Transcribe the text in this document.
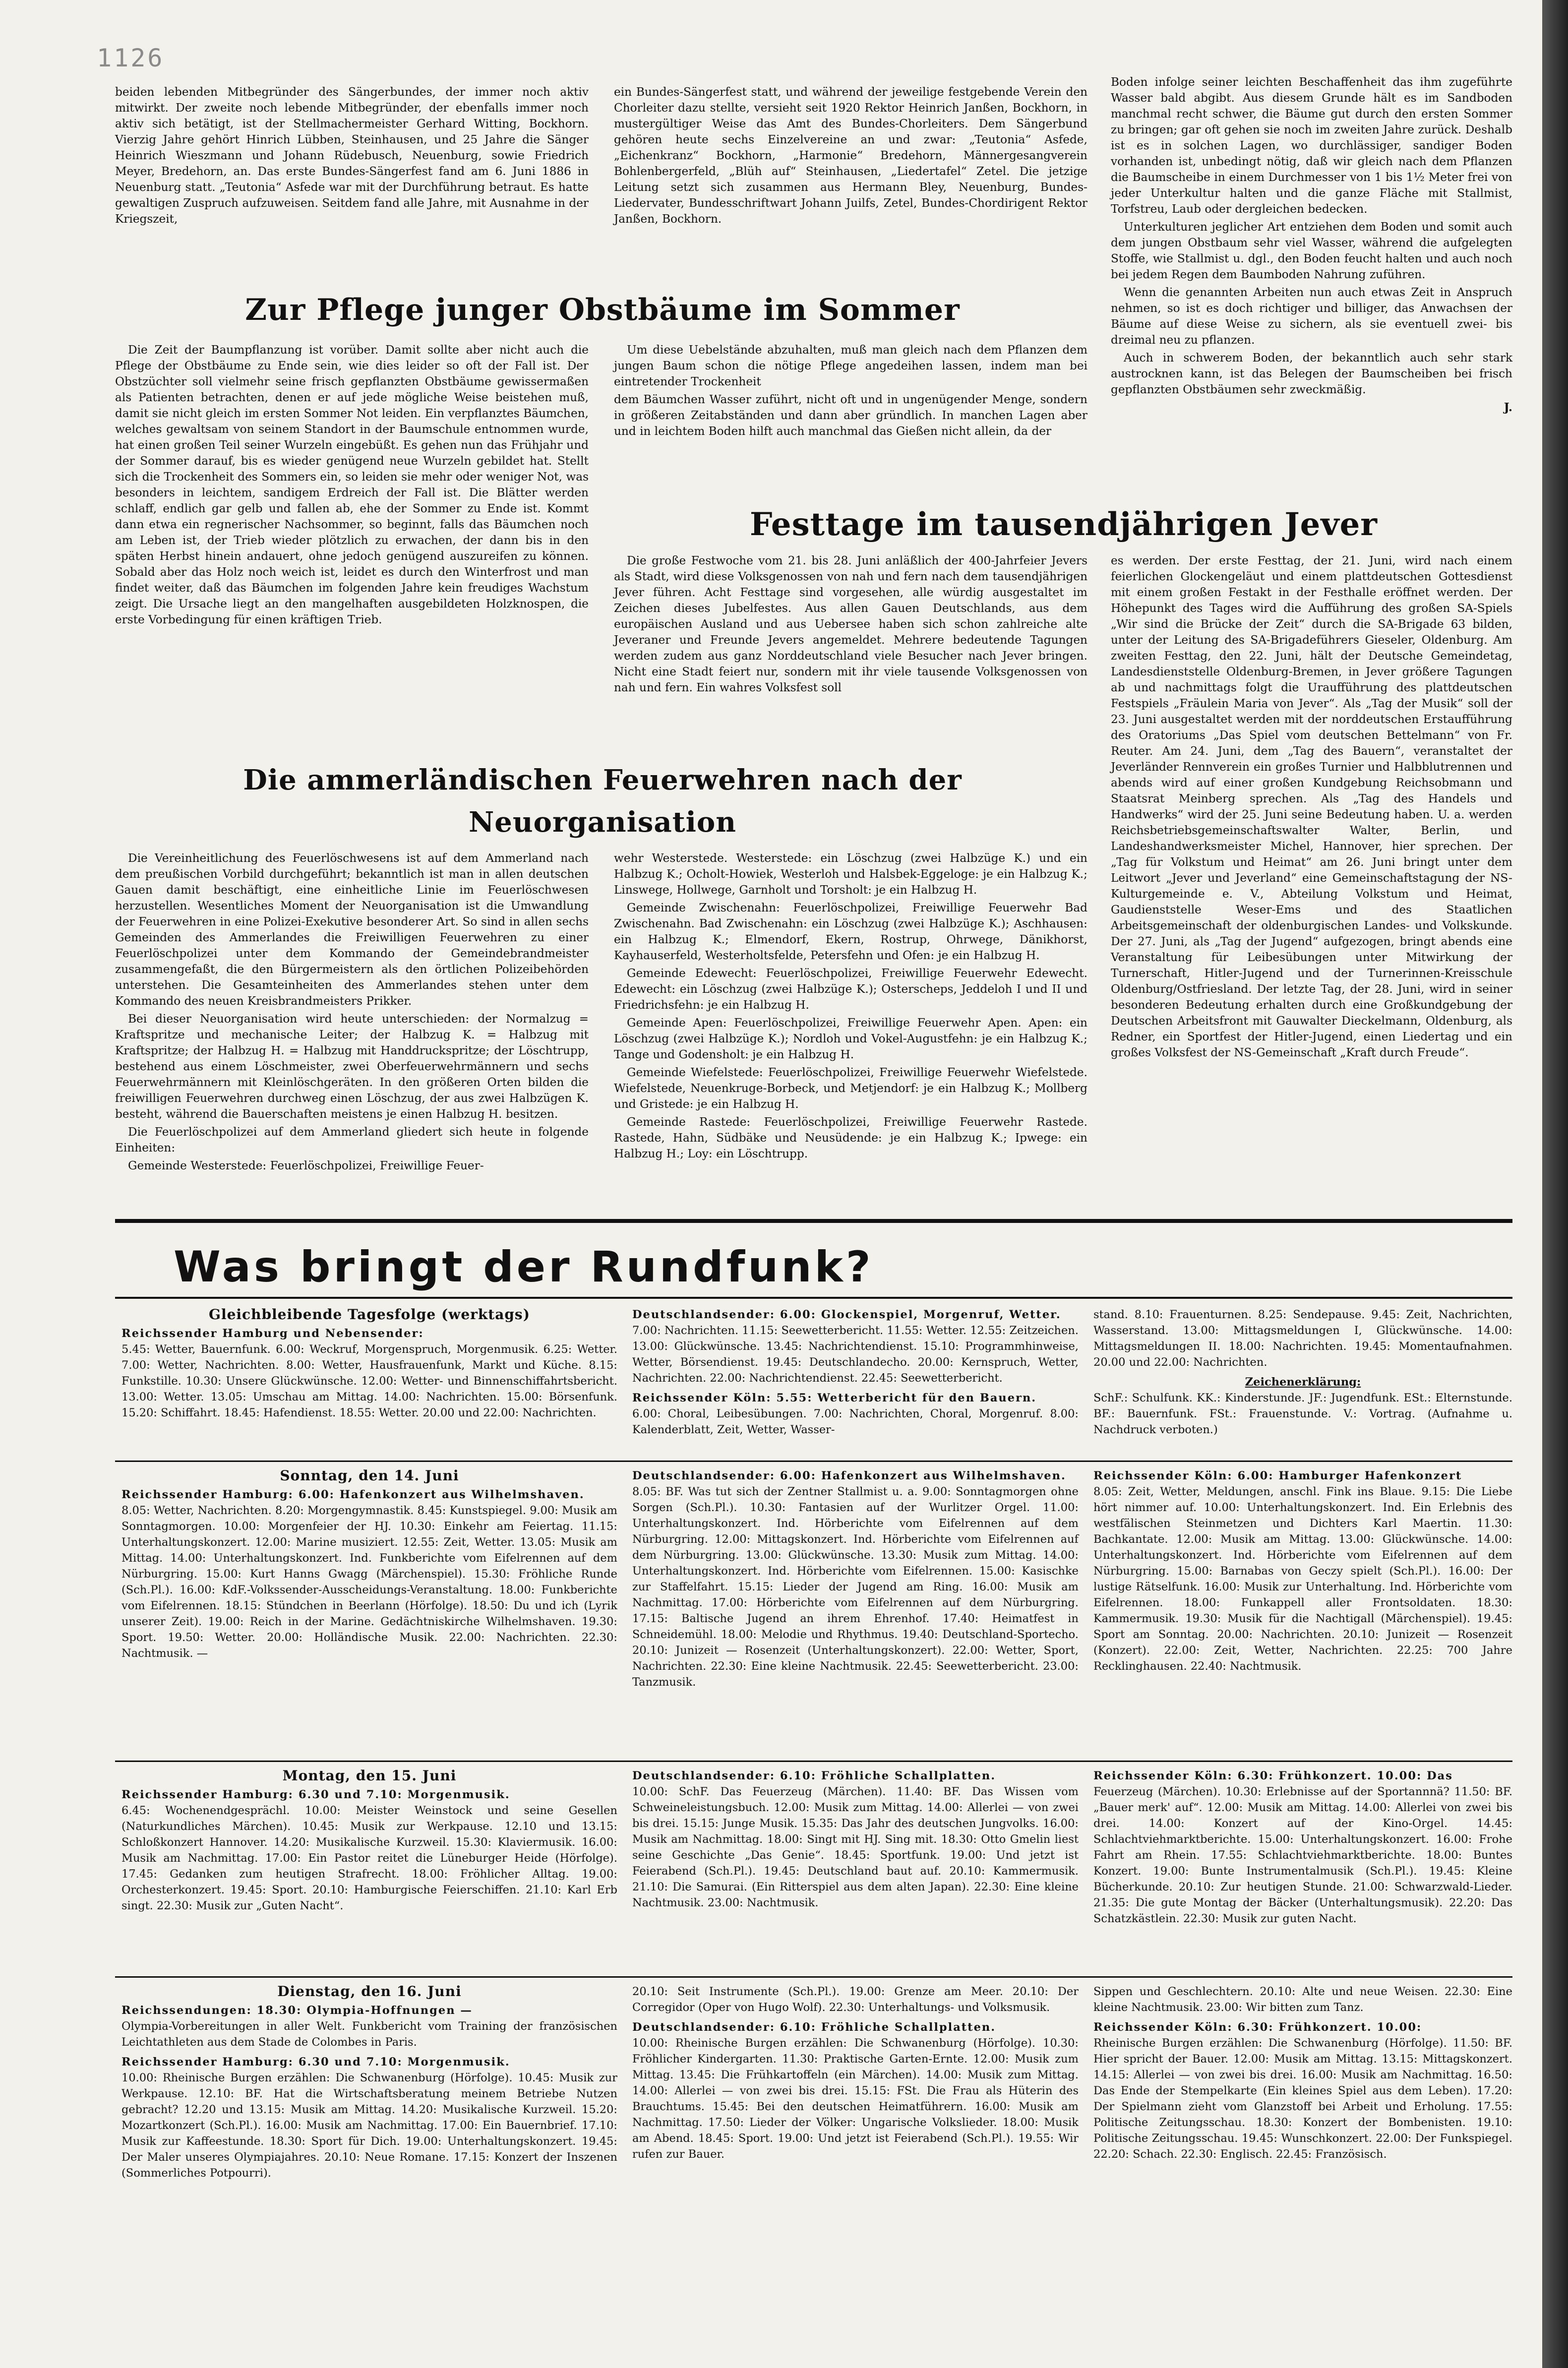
1126

beiden lebenden Mitbegründer des Sängerbundes, der immer noch aktiv mitwirkt. Der zweite noch lebende Mitbegründer, der ebenfalls immer noch aktiv sich betätigt, ist der Stellmachermeister Gerhard Witting, Bockhorn. Vierzig Jahre gehört Hinrich Lübben, Steinhausen, und 25 Jahre die Sänger Heinrich Wieszmann und Johann Rüdebusch, Neuenburg, sowie Friedrich Meyer, Bredehorn, an. Das erste Bundes-Sängerfest fand am 6. Juni 1886 in Neuenburg statt. „Teutonia“ Asfede war mit der Durchführung betraut. Es hatte gewaltigen Zuspruch aufzuweisen. Seitdem fand alle Jahre, mit Ausnahme in der Kriegszeit,

ein Bundes-Sängerfest statt, und während der jeweilige festgebende Verein den Chorleiter dazu stellte, versieht seit 1920 Rektor Heinrich Janßen, Bockhorn, in mustergültiger Weise das Amt des Bundes-Chorleiters. Dem Sängerbund gehören heute sechs Einzelvereine an und zwar: „Teutonia“ Asfede, „Eichenkranz“ Bockhorn, „Harmonie“ Bredehorn, Männergesangverein Bohlenbergerfeld, „Blüh auf“ Steinhausen, „Liedertafel“ Zetel. Die jetzige Leitung setzt sich zusammen aus Hermann Bley, Neuenburg, Bundes-Liedervater, Bundesschriftwart Johann Juilfs, Zetel, Bundes-Chordirigent Rektor Janßen, Bockhorn.

Boden infolge seiner leichten Beschaffenheit das ihm zugeführte Wasser bald abgibt. Aus diesem Grunde hält es im Sandboden manchmal recht schwer, die Bäume gut durch den ersten Sommer zu bringen; gar oft gehen sie noch im zweiten Jahre zurück. Deshalb ist es in solchen Lagen, wo durchlässiger, sandiger Boden vorhanden ist, unbedingt nötig, daß wir gleich nach dem Pflanzen die Baumscheibe in einem Durchmesser von 1 bis 1½ Meter frei von jeder Unterkultur halten und die ganze Fläche mit Stallmist, Torfstreu, Laub oder dergleichen bedecken.

Unterkulturen jeglicher Art entziehen dem Boden und somit auch dem jungen Obstbaum sehr viel Wasser, während die aufgelegten Stoffe, wie Stallmist u. dgl., den Boden feucht halten und auch noch bei jedem Regen dem Baumboden Nahrung zuführen.

Wenn die genannten Arbeiten nun auch etwas Zeit in Anspruch nehmen, so ist es doch richtiger und billiger, das Anwachsen der Bäume auf diese Weise zu sichern, als sie eventuell zwei- bis dreimal neu zu pflanzen.

Auch in schwerem Boden, der bekanntlich auch sehr stark austrocknen kann, ist das Belegen der Baumscheiben bei frisch gepflanzten Obstbäumen sehr zweckmäßig.

J.
Zur Pflege junger Obstbäume im Sommer

Die Zeit der Baumpflanzung ist vorüber. Damit sollte aber nicht auch die Pflege der Obstbäume zu Ende sein, wie dies leider so oft der Fall ist. Der Obstzüchter soll vielmehr seine frisch gepflanzten Obstbäume gewissermaßen als Patienten betrachten, denen er auf jede mögliche Weise beistehen muß, damit sie nicht gleich im ersten Sommer Not leiden. Ein verpflanztes Bäumchen, welches gewaltsam von seinem Standort in der Baumschule entnommen wurde, hat einen großen Teil seiner Wurzeln eingebüßt. Es gehen nun das Frühjahr und der Sommer darauf, bis es wieder genügend neue Wurzeln gebildet hat. Stellt sich die Trockenheit des Sommers ein, so leiden sie mehr oder weniger Not, was besonders in leichtem, sandigem Erdreich der Fall ist. Die Blätter werden schlaff, endlich gar gelb und fallen ab, ehe der Sommer zu Ende ist. Kommt dann etwa ein regnerischer Nachsommer, so beginnt, falls das Bäumchen noch am Leben ist, der Trieb wieder plötzlich zu erwachen, der dann bis in den späten Herbst hinein andauert, ohne jedoch genügend auszureifen zu können. Sobald aber das Holz noch weich ist, leidet es durch den Winterfrost und man findet weiter, daß das Bäumchen im folgenden Jahre kein freudiges Wachstum zeigt. Die Ursache liegt an den mangelhaften ausgebildeten Holzknospen, die erste Vorbedingung für einen kräftigen Trieb.

Um diese Uebelstände abzuhalten, muß man gleich nach dem Pflanzen dem jungen Baum schon die nötige Pflege angedeihen lassen, indem man bei eintretender Trockenheit

dem Bäumchen Wasser zuführt, nicht oft und in ungenügender Menge, sondern in größeren Zeitabständen und dann aber gründlich. In manchen Lagen aber und in leichtem Boden hilft auch manchmal das Gießen nicht allein, da der

Festtage im tausendjährigen Jever

Die große Festwoche vom 21. bis 28. Juni anläßlich der 400-Jahrfeier Jevers als Stadt, wird diese Volksgenossen von nah und fern nach dem tausendjährigen Jever führen. Acht Festtage sind vorgesehen, alle würdig ausgestaltet im Zeichen dieses Jubelfestes. Aus allen Gauen Deutschlands, aus dem europäischen Ausland und aus Uebersee haben sich schon zahlreiche alte Jeveraner und Freunde Jevers angemeldet. Mehrere bedeutende Tagungen werden zudem aus ganz Norddeutschland viele Besucher nach Jever bringen. Nicht eine Stadt feiert nur, sondern mit ihr viele tausende Volksgenossen von nah und fern. Ein wahres Volksfest soll

es werden. Der erste Festtag, der 21. Juni, wird nach einem feierlichen Glockengeläut und einem plattdeutschen Gottesdienst mit einem großen Festakt in der Festhalle eröffnet werden. Der Höhepunkt des Tages wird die Aufführung des großen SA-Spiels „Wir sind die Brücke der Zeit“ durch die SA-Brigade 63 bilden, unter der Leitung des SA-Brigadeführers Gieseler, Oldenburg. Am zweiten Festtag, den 22. Juni, hält der Deutsche Gemeindetag, Landesdienststelle Oldenburg-Bremen, in Jever größere Tagungen ab und nachmittags folgt die Uraufführung des plattdeutschen Festspiels „Fräulein Maria von Jever“. Als „Tag der Musik“ soll der 23. Juni ausgestaltet werden mit der norddeutschen Erstaufführung des Oratoriums „Das Spiel vom deutschen Bettelmann“ von Fr. Reuter. Am 24. Juni, dem „Tag des Bauern“, veranstaltet der Jeverländer Rennverein ein großes Turnier und Halbblutrennen und abends wird auf einer großen Kundgebung Reichsobmann und Staatsrat Meinberg sprechen. Als „Tag des Handels und Handwerks“ wird der 25. Juni seine Bedeutung haben. U. a. werden Reichsbetriebsgemeinschaftswalter Walter, Berlin, und Landeshandwerksmeister Michel, Hannover, hier sprechen. Der „Tag für Volkstum und Heimat“ am 26. Juni bringt unter dem Leitwort „Jever und Jeverland“ eine Gemeinschaftstagung der NS-Kulturgemeinde e. V., Abteilung Volkstum und Heimat, Gaudienststelle Weser-Ems und des Staatlichen Arbeitsgemeinschaft der oldenburgischen Landes- und Volkskunde. Der 27. Juni, als „Tag der Jugend“ aufgezogen, bringt abends eine Veranstaltung für Leibesübungen unter Mitwirkung der Turnerschaft, Hitler-Jugend und der Turnerinnen-Kreisschule Oldenburg/Ostfriesland. Der letzte Tag, der 28. Juni, wird in seiner besonderen Bedeutung erhalten durch eine Großkundgebung der Deutschen Arbeitsfront mit Gauwalter Dieckelmann, Oldenburg, als Redner, ein Sportfest der Hitler-Jugend, einen Liedertag und ein großes Volksfest der NS-Gemeinschaft „Kraft durch Freude“.

Die ammerländischen Feuerwehren nach der
Neuorganisation

Die Vereinheitlichung des Feuerlöschwesens ist auf dem Ammerland nach dem preußischen Vorbild durchgeführt; bekanntlich ist man in allen deutschen Gauen damit beschäftigt, eine einheitliche Linie im Feuerlöschwesen herzustellen. Wesentliches Moment der Neuorganisation ist die Umwandlung der Feuerwehren in eine Polizei-Exekutive besonderer Art. So sind in allen sechs Gemeinden des Ammerlandes die Freiwilligen Feuerwehren zu einer Feuerlöschpolizei unter dem Kommando der Gemeindebrandmeister zusammengefaßt, die den Bürgermeistern als den örtlichen Polizeibehörden unterstehen. Die Gesamteinheiten des Ammerlandes stehen unter dem Kommando des neuen Kreisbrandmeisters Prikker.

Bei dieser Neuorganisation wird heute unterschieden: der Normalzug = Kraftspritze und mechanische Leiter; der Halbzug K. = Halbzug mit Kraftspritze; der Halbzug H. = Halbzug mit Handdruckspritze; der Löschtrupp, bestehend aus einem Löschmeister, zwei Oberfeuerwehrmännern und sechs Feuerwehrmännern mit Kleinlöschgeräten. In den größeren Orten bilden die freiwilligen Feuerwehren durchweg einen Löschzug, der aus zwei Halbzügen K. besteht, während die Bauerschaften meistens je einen Halbzug H. besitzen.

Die Feuerlöschpolizei auf dem Ammerland gliedert sich heute in folgende Einheiten:

Gemeinde Westerstede: Feuerlöschpolizei, Freiwillige Feuer-

wehr Westerstede. Westerstede: ein Löschzug (zwei Halbzüge K.) und ein Halbzug K.; Ocholt-Howiek, Westerloh und Halsbek-Eggeloge: je ein Halbzug K.; Linswege, Hollwege, Garnholt und Torsholt: je ein Halbzug H.

Gemeinde Zwischenahn: Feuerlöschpolizei, Freiwillige Feuerwehr Bad Zwischenahn. Bad Zwischenahn: ein Löschzug (zwei Halbzüge K.); Aschhausen: ein Halbzug K.; Elmendorf, Ekern, Rostrup, Ohrwege, Dänikhorst, Kayhauserfeld, Westerholtsfelde, Petersfehn und Ofen: je ein Halbzug H.

Gemeinde Edewecht: Feuerlöschpolizei, Freiwillige Feuerwehr Edewecht. Edewecht: ein Löschzug (zwei Halbzüge K.); Osterscheps, Jeddeloh I und II und Friedrichsfehn: je ein Halbzug H.

Gemeinde Apen: Feuerlöschpolizei, Freiwillige Feuerwehr Apen. Apen: ein Löschzug (zwei Halbzüge K.); Nordloh und Vokel-Augustfehn: je ein Halbzug K.; Tange und Godensholt: je ein Halbzug H.

Gemeinde Wiefelstede: Feuerlöschpolizei, Freiwillige Feuerwehr Wiefelstede. Wiefelstede, Neuenkruge-Borbeck, und Metjendorf: je ein Halbzug K.; Mollberg und Gristede: je ein Halbzug H.

Gemeinde Rastede: Feuerlöschpolizei, Freiwillige Feuerwehr Rastede. Rastede, Hahn, Südbäke und Neusüdende: je ein Halbzug K.; Ipwege: ein Halbzug H.; Loy: ein Löschtrupp.

Was bringt der Rundfunk?
Gleichbleibende Tagesfolge (werktags)
Reichssender Hamburg und Nebensender:

5.45: Wetter, Bauernfunk. 6.00: Weckruf, Morgenspruch, Morgenmusik. 6.25: Wetter. 7.00: Wetter, Nachrichten. 8.00: Wetter, Hausfrauenfunk, Markt und Küche. 8.15: Funkstille. 10.30: Unsere Glückwünsche. 12.00: Wetter- und Binnenschiffahrtsbericht. 13.00: Wetter. 13.05: Umschau am Mittag. 14.00: Nachrichten. 15.00: Börsenfunk. 15.20: Schiffahrt. 18.45: Hafendienst. 18.55: Wetter. 20.00 und 22.00: Nachrichten.

Deutschlandsender: 6.00: Glockenspiel, Morgenruf, Wetter.

7.00: Nachrichten. 11.15: Seewetterbericht. 11.55: Wetter. 12.55: Zeitzeichen. 13.00: Glückwünsche. 13.45: Nachrichtendienst. 15.10: Programmhinweise, Wetter, Börsendienst. 19.45: Deutschlandecho. 20.00: Kernspruch, Wetter, Nachrichten. 22.00: Nachrichtendienst. 22.45: Seewetterbericht.

Reichssender Köln: 5.55: Wetterbericht für den Bauern.

6.00: Choral, Leibesübungen. 7.00: Nachrichten, Choral, Morgenruf. 8.00: Kalenderblatt, Zeit, Wetter, Wasser-

stand. 8.10: Frauenturnen. 8.25: Sendepause. 9.45: Zeit, Nachrichten, Wasserstand. 13.00: Mittagsmeldungen I, Glückwünsche. 14.00: Mittagsmeldungen II. 18.00: Nachrichten. 19.45: Momentaufnahmen. 20.00 und 22.00: Nachrichten.

Zeichenerklärung:

SchF.: Schulfunk. KK.: Kinderstunde. JF.: Jugendfunk. ESt.: Elternstunde. BF.: Bauernfunk. FSt.: Frauenstunde. V.: Vortrag. (Aufnahme u. Nachdruck verboten.)

Sonntag, den 14. Juni
Reichssender Hamburg: 6.00: Hafenkonzert aus Wilhelmshaven.

8.05: Wetter, Nachrichten. 8.20: Morgengymnastik. 8.45: Kunstspiegel. 9.00: Musik am Sonntagmorgen. 10.00: Morgenfeier der HJ. 10.30: Einkehr am Feiertag. 11.15: Unterhaltungskonzert. 12.00: Marine musiziert. 12.55: Zeit, Wetter. 13.05: Musik am Mittag. 14.00: Unterhaltungskonzert. Ind. Funkberichte vom Eifelrennen auf dem Nürburgring. 15.00: Kurt Hanns Gwagg (Märchenspiel). 15.30: Fröhliche Runde (Sch.Pl.). 16.00: KdF.-Volkssender-Ausscheidungs-Veranstaltung. 18.00: Funkberichte vom Eifelrennen. 18.15: Stündchen in Beerlann (Hörfolge). 18.50: Du und ich (Lyrik unserer Zeit). 19.00: Reich in der Marine. Gedächtniskirche Wilhelmshaven. 19.30: Sport. 19.50: Wetter. 20.00: Holländische Musik. 22.00: Nachrichten. 22.30: Nachtmusik. —

Deutschlandsender: 6.00: Hafenkonzert aus Wilhelmshaven.

8.05: BF. Was tut sich der Zentner Stallmist u. a. 9.00: Sonntagmorgen ohne Sorgen (Sch.Pl.). 10.30: Fantasien auf der Wurlitzer Orgel. 11.00: Unterhaltungskonzert. Ind. Hörberichte vom Eifelrennen auf dem Nürburgring. 12.00: Mittagskonzert. Ind. Hörberichte vom Eifelrennen auf dem Nürburgring. 13.00: Glückwünsche. 13.30: Musik zum Mittag. 14.00: Unterhaltungskonzert. Ind. Hörberichte vom Eifelrennen. 15.00: Kasischke zur Staffelfahrt. 15.15: Lieder der Jugend am Ring. 16.00: Musik am Nachmittag. 17.00: Hörberichte vom Eifelrennen auf dem Nürburgring. 17.15: Baltische Jugend an ihrem Ehrenhof. 17.40: Heimatfest in Schneidemühl. 18.00: Melodie und Rhythmus. 19.40: Deutschland-Sportecho. 20.10: Junizeit — Rosenzeit (Unterhaltungskonzert). 22.00: Wetter, Sport, Nachrichten. 22.30: Eine kleine Nachtmusik. 22.45: Seewetterbericht. 23.00: Tanzmusik.

Reichssender Köln: 6.00: Hamburger Hafenkonzert

8.05: Zeit, Wetter, Meldungen, anschl. Fink ins Blaue. 9.15: Die Liebe hört nimmer auf. 10.00: Unterhaltungskonzert. Ind. Ein Erlebnis des westfälischen Steinmetzen und Dichters Karl Maertin. 11.30: Bachkantate. 12.00: Musik am Mittag. 13.00: Glückwünsche. 14.00: Unterhaltungskonzert. Ind. Hörberichte vom Eifelrennen auf dem Nürburgring. 15.00: Barnabas von Geczy spielt (Sch.Pl.). 16.00: Der lustige Rätselfunk. 16.00: Musik zur Unterhaltung. Ind. Hörberichte vom Eifelrennen. 18.00: Funkappell aller Frontsoldaten. 18.30: Kammermusik. 19.30: Musik für die Nachtigall (Märchenspiel). 19.45: Sport am Sonntag. 20.00: Nachrichten. 20.10: Junizeit — Rosenzeit (Konzert). 22.00: Zeit, Wetter, Nachrichten. 22.25: 700 Jahre Recklinghausen. 22.40: Nachtmusik.

Montag, den 15. Juni
Reichssender Hamburg: 6.30 und 7.10: Morgenmusik.

6.45: Wochenendgesprächl. 10.00: Meister Weinstock und seine Gesellen (Naturkundliches Märchen). 10.45: Musik zur Werkpause. 12.10 und 13.15: Schloßkonzert Hannover. 14.20: Musikalische Kurzweil. 15.30: Klaviermusik. 16.00: Musik am Nachmittag. 17.00: Ein Pastor reitet die Lüneburger Heide (Hörfolge). 17.45: Gedanken zum heutigen Strafrecht. 18.00: Fröhlicher Alltag. 19.00: Orchesterkonzert. 19.45: Sport. 20.10: Hamburgische Feierschiffen. 21.10: Karl Erb singt. 22.30: Musik zur „Guten Nacht“.

Deutschlandsender: 6.10: Fröhliche Schallplatten.

10.00: SchF. Das Feuerzeug (Märchen). 11.40: BF. Das Wissen vom Schweineleistungsbuch. 12.00: Musik zum Mittag. 14.00: Allerlei — von zwei bis drei. 15.15: Junge Musik. 15.35: Das Jahr des deutschen Jungvolks. 16.00: Musik am Nachmittag. 18.00: Singt mit HJ. Sing mit. 18.30: Otto Gmelin liest seine Geschichte „Das Genie“. 18.45: Sportfunk. 19.00: Und jetzt ist Feierabend (Sch.Pl.). 19.45: Deutschland baut auf. 20.10: Kammermusik. 21.10: Die Samurai. (Ein Ritterspiel aus dem alten Japan). 22.30: Eine kleine Nachtmusik. 23.00: Nachtmusik.

Reichssender Köln: 6.30: Frühkonzert. 10.00: Das

Feuerzeug (Märchen). 10.30: Erlebnisse auf der Sportannnä? 11.50: BF. „Bauer merk' auf“. 12.00: Musik am Mittag. 14.00: Allerlei von zwei bis drei. 14.00: Konzert auf der Kino-Orgel. 14.45: Schlachtviehmarktberichte. 15.00: Unterhaltungskonzert. 16.00: Frohe Fahrt am Rhein. 17.55: Schlachtviehmarktberichte. 18.00: Buntes Konzert. 19.00: Bunte Instrumentalmusik (Sch.Pl.). 19.45: Kleine Bücherkunde. 20.10: Zur heutigen Stunde. 21.00: Schwarzwald-Lieder. 21.35: Die gute Montag der Bäcker (Unterhaltungsmusik). 22.20: Das Schatzkästlein. 22.30: Musik zur guten Nacht.

Dienstag, den 16. Juni
Reichssendungen: 18.30: Olympia-Hoffnungen —

Olympia-Vorbereitungen in aller Welt. Funkbericht vom Training der französischen Leichtathleten aus dem Stade de Colombes in Paris.

Reichssender Hamburg: 6.30 und 7.10: Morgenmusik.

10.00: Rheinische Burgen erzählen: Die Schwanenburg (Hörfolge). 10.45: Musik zur Werkpause. 12.10: BF. Hat die Wirtschaftsberatung meinem Betriebe Nutzen gebracht? 12.20 und 13.15: Musik am Mittag. 14.20: Musikalische Kurzweil. 15.20: Mozartkonzert (Sch.Pl.). 16.00: Musik am Nachmittag. 17.00: Ein Bauernbrief. 17.10: Musik zur Kaffeestunde. 18.30: Sport für Dich. 19.00: Unterhaltungskonzert. 19.45: Der Maler unseres Olympiajahres. 20.10: Neue Romane. 17.15: Konzert der Inszenen (Sommerliches Potpourri).

20.10: Seit Instrumente (Sch.Pl.). 19.00: Grenze am Meer. 20.10: Der Corregidor (Oper von Hugo Wolf). 22.30: Unterhaltungs- und Volksmusik.

Deutschlandsender: 6.10: Fröhliche Schallplatten.

10.00: Rheinische Burgen erzählen: Die Schwanenburg (Hörfolge). 10.30: Fröhlicher Kindergarten. 11.30: Praktische Garten-Ernte. 12.00: Musik zum Mittag. 13.45: Die Frühkartoffeln (ein Märchen). 14.00: Musik zum Mittag. 14.00: Allerlei — von zwei bis drei. 15.15: FSt. Die Frau als Hüterin des Brauchtums. 15.45: Bei den deutschen Heimatführern. 16.00: Musik am Nachmittag. 17.50: Lieder der Völker: Ungarische Volkslieder. 18.00: Musik am Abend. 18.45: Sport. 19.00: Und jetzt ist Feierabend (Sch.Pl.). 19.55: Wir rufen zur Bauer.

Sippen und Geschlechtern. 20.10: Alte und neue Weisen. 22.30: Eine kleine Nachtmusik. 23.00: Wir bitten zum Tanz.

Reichssender Köln: 6.30: Frühkonzert. 10.00:

Rheinische Burgen erzählen: Die Schwanenburg (Hörfolge). 11.50: BF. Hier spricht der Bauer. 12.00: Musik am Mittag. 13.15: Mittagskonzert. 14.15: Allerlei — von zwei bis drei. 16.00: Musik am Nachmittag. 16.50: Das Ende der Stempelkarte (Ein kleines Spiel aus dem Leben). 17.20: Der Spielmann zieht vom Glanzstoff bei Arbeit und Erholung. 17.55: Politische Zeitungsschau. 18.30: Konzert der Bombenisten. 19.10: Politische Zeitungsschau. 19.45: Wunschkonzert. 22.00: Der Funkspiegel. 22.20: Schach. 22.30: Englisch. 22.45: Französisch.
